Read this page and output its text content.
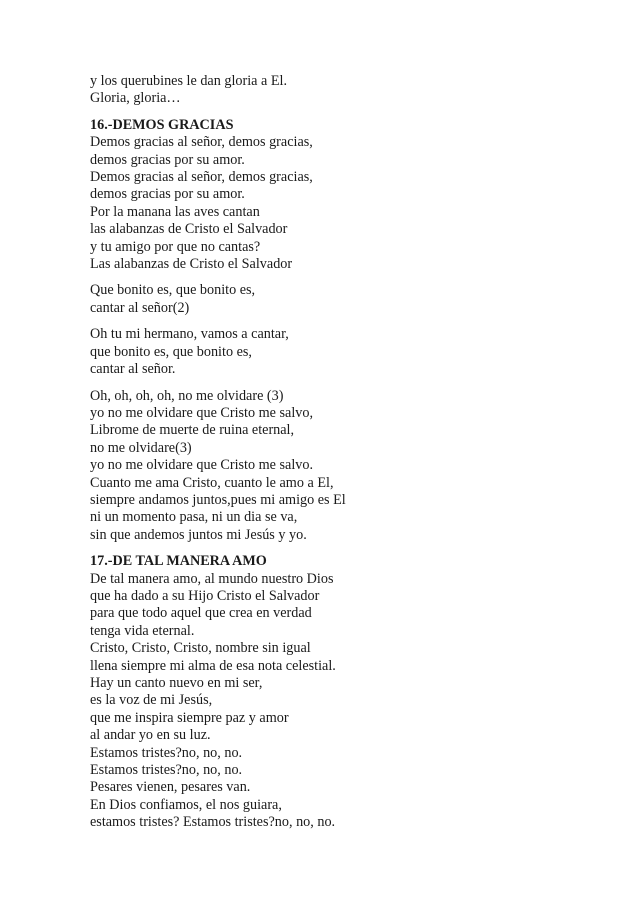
y los querubines le dan gloria a El.
Gloria, gloria…
16.-DEMOS GRACIAS
Demos gracias al señor, demos gracias,
demos gracias por su amor.
Demos gracias al señor, demos gracias,
demos gracias por su amor.
Por la manana las aves cantan
las alabanzas de Cristo el Salvador
y tu amigo por que no cantas?
Las alabanzas de Cristo el Salvador
Que bonito es, que bonito es,
cantar al señor(2)
Oh tu mi hermano, vamos a cantar,
que bonito es, que bonito es,
cantar al señor.
Oh, oh, oh, oh, no me olvidare (3)
yo no me olvidare que Cristo me salvo,
Librome de muerte de ruina eternal,
no me olvidare(3)
yo no me olvidare que Cristo me salvo.
Cuanto me ama Cristo, cuanto le amo a El,
siempre andamos juntos,pues mi amigo es El
ni un momento pasa, ni un dia se va,
sin que andemos juntos mi Jesús y yo.
17.-DE TAL MANERA AMO
De tal manera amo, al mundo nuestro Dios
que ha dado a su Hijo Cristo el Salvador
para que todo aquel que crea en verdad
tenga vida eternal.
Cristo, Cristo, Cristo, nombre sin igual
llena siempre mi alma de esa nota celestial.
Hay un canto nuevo en mi ser,
es la voz de mi Jesús,
que me inspira siempre paz y amor
al andar yo en su luz.
Estamos tristes?no, no, no.
Estamos tristes?no, no, no.
Pesares vienen, pesares van.
En Dios confiamos, el nos guiara,
estamos tristes? Estamos tristes?no, no, no.
